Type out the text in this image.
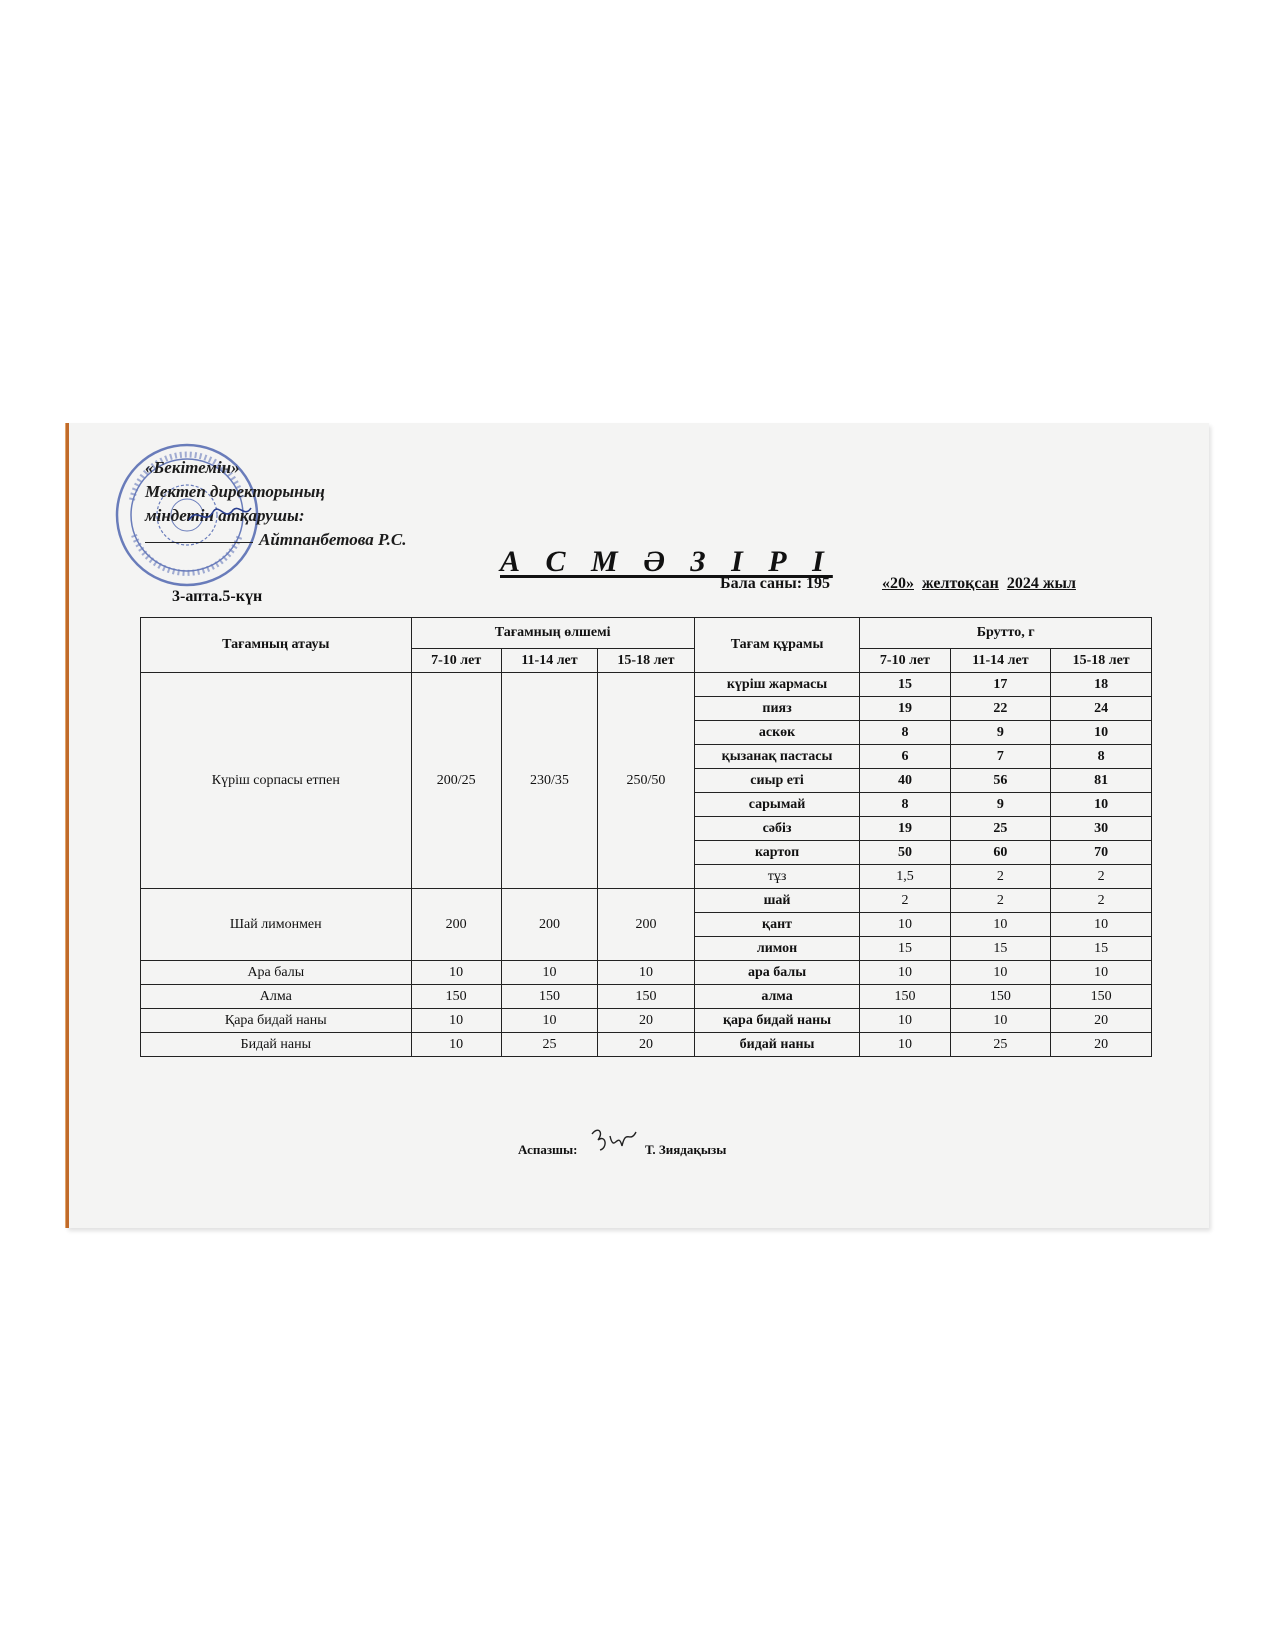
«Бекітемін»
Мектеп директорының
міндетін атқарушы:
Айтпанбетова Р.С.
А С М Ә З І Р І
3-апта.5-күн
Бала саны: 195	«20» желтоқсан 2024 жыл
Тағамның атауы	Тағамның өлшемі			Тағам құрамы	Брутто, г		
	7-10 лет	11-14 лет	15-18 лет		7-10 лет	11-14 лет	15-18 лет
Күріш сорпасы етпен	200/25	230/35	250/50	күріш жармасы	15	17	18
				пияз	19	22	24
				аскөк	8	9	10
				қызанақ пастасы	6	7	8
				сиыр еті	40	56	81
				сарымай	8	9	10
				сәбіз	19	25	30
				картоп	50	60	70
				тұз	1,5	2	2
Шай лимонмен	200	200	200	шай	2	2	2
				қант	10	10	10
				лимон	15	15	15
Ара балы	10	10	10	ара балы	10	10	10
Алма	150	150	150	алма	150	150	150
Қара бидай наны	10	10	20	қара бидай наны	10	10	20
Бидай наны	10	25	20	бидай наны	10	25	20
Аспазшы:	Т. Зиядақызы
